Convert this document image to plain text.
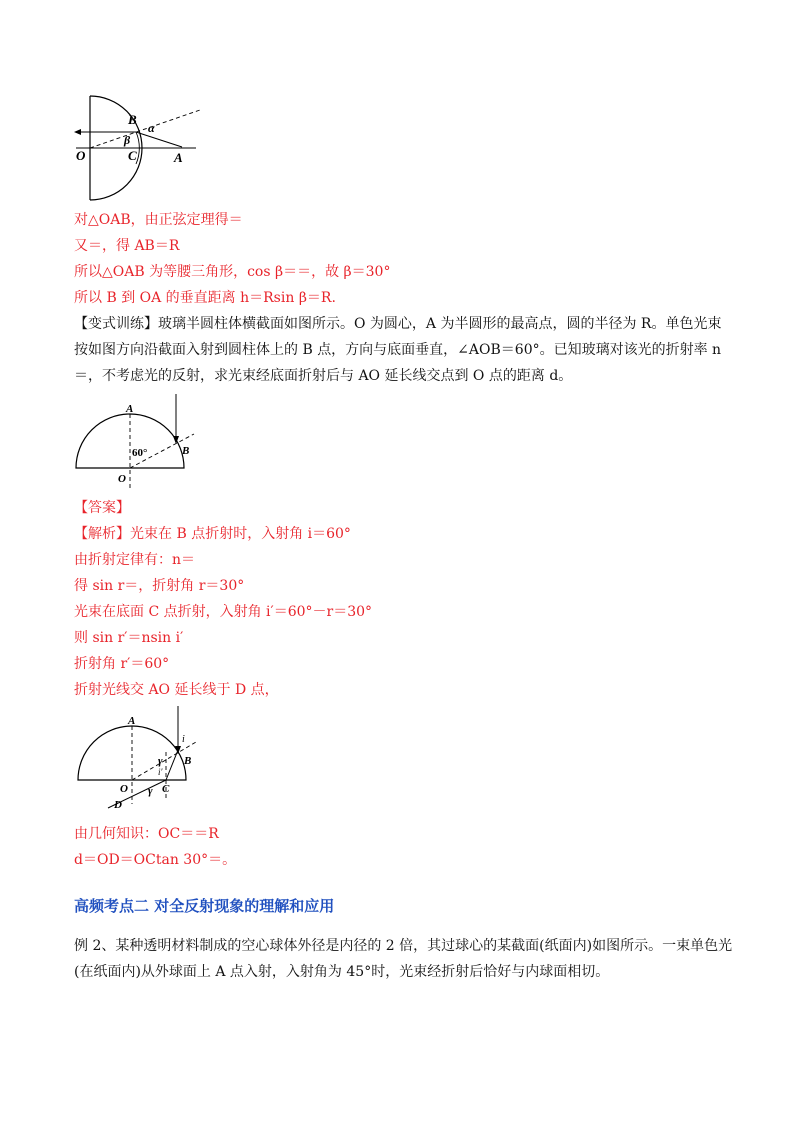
B
α
β
O	C	A
对△OAB，由正弦定理得＝
又＝，得 AB＝R
所以△OAB 为等腰三角形，cos β＝＝，故 β＝30°
所以 B 到 OA 的垂直距离 h＝Rsin β＝R.
【变式训练】玻璃半圆柱体横截面如图所示。O 为圆心，A 为半圆形的最高点，圆的半径为 R。单色光束
按如图方向沿截面入射到圆柱体上的 B 点，方向与底面垂直，∠AOB＝60°。已知玻璃对该光的折射率 n
＝，不考虑光的反射，求光束经底面折射后与 AO 延长线交点到 O 点的距离 d。
A
60°	B
O
【答案】
【解析】光束在 B 点折射时，入射角 i＝60°
由折射定律有：n＝
得 sin r＝，折射角 r＝30°
光束在底面 C 点折射，入射角 i′＝60°－r＝30°
则 sin r′＝nsin i′
折射角 r′＝60°
折射光线交 AO 延长线于 D 点，
A
i
γ
i′
B
O γ C
D
由几何知识：OC＝＝R
d＝OD＝OCtan 30°＝。
高频考点二 对全反射现象的理解和应用
例 2、某种透明材料制成的空心球体外径是内径的 2 倍，其过球心的某截面(纸面内)如图所示。一束单色光
(在纸面内)从外球面上 A 点入射，入射角为 45°时，光束经折射后恰好与内球面相切。
